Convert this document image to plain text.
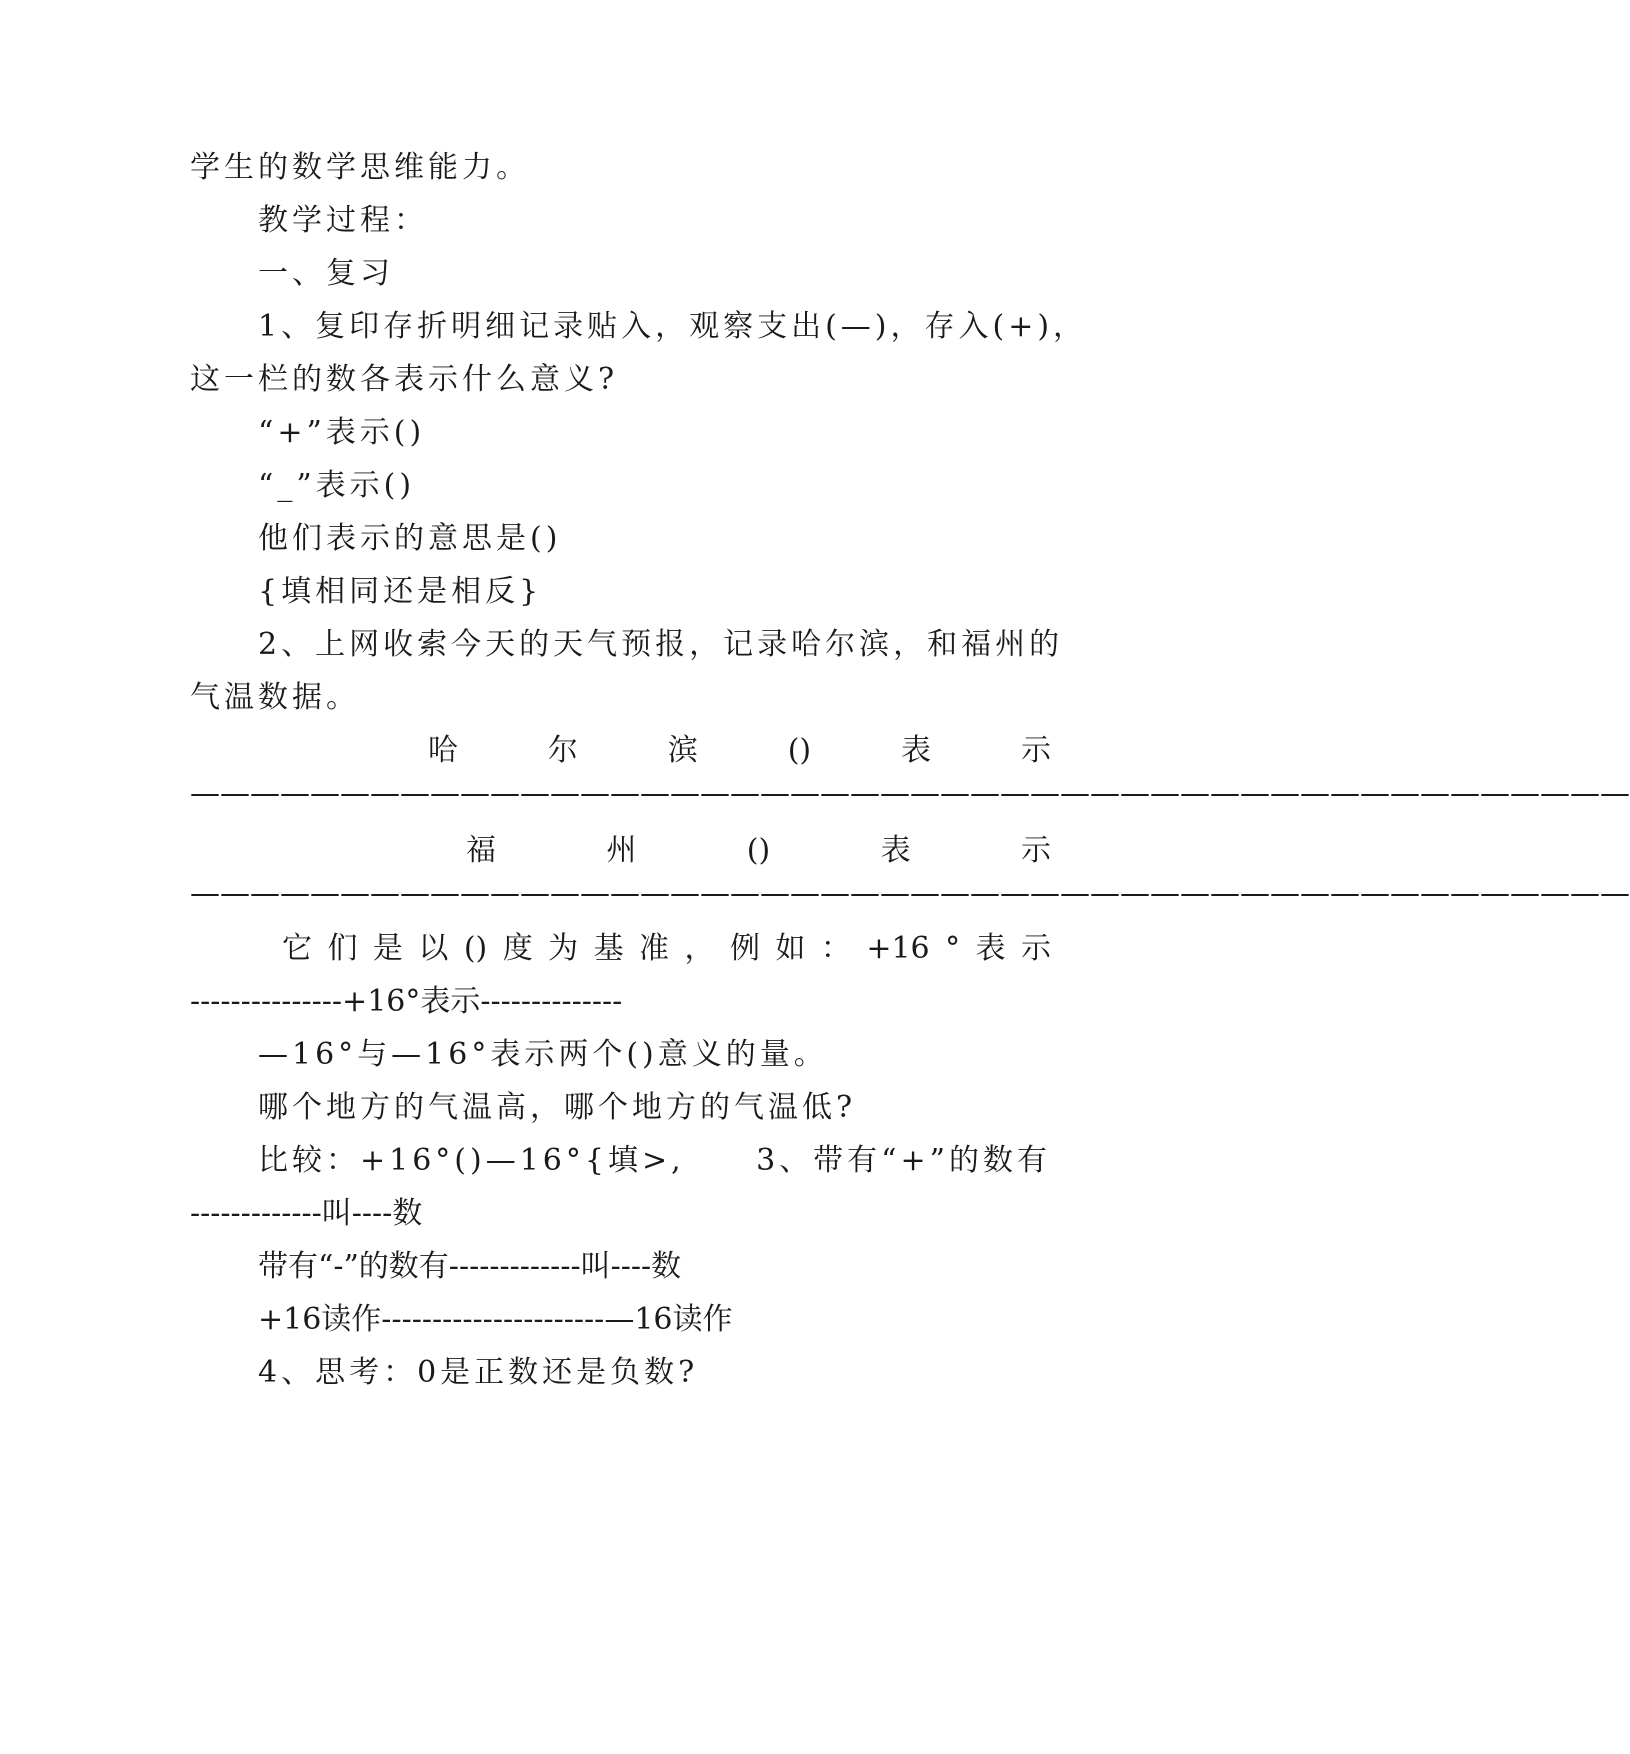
学生的数学思维能力。
教学过程：
一、复习
1、复印存折明细记录贴入，观察支出(—)，存入(+)，
这一栏的数各表示什么意义?
“+”表示()
“_”表示()
他们表示的意思是()
{填相同还是相反}
2、上网收索今天的天气预报，记录哈尔滨，和福州的
气温数据。
哈	尔	滨	()	表	示
————————————————————————————————————————————————
福	州	()	表	示
————————————————————————————————————————————————
它 们 是 以 () 度 为 基 准 ， 例 如 ： +16 ° 表 示
---------------+16°表示--------------
—16°与—16°表示两个()意义的量。
哪个地方的气温高，哪个地方的气温低?
比较：+16°()—16°{填>, 3、带有“+”的数有
-------------叫----数
带有“-”的数有-------------叫----数
+16读作----------------------—16读作
4、思考：0是正数还是负数?
